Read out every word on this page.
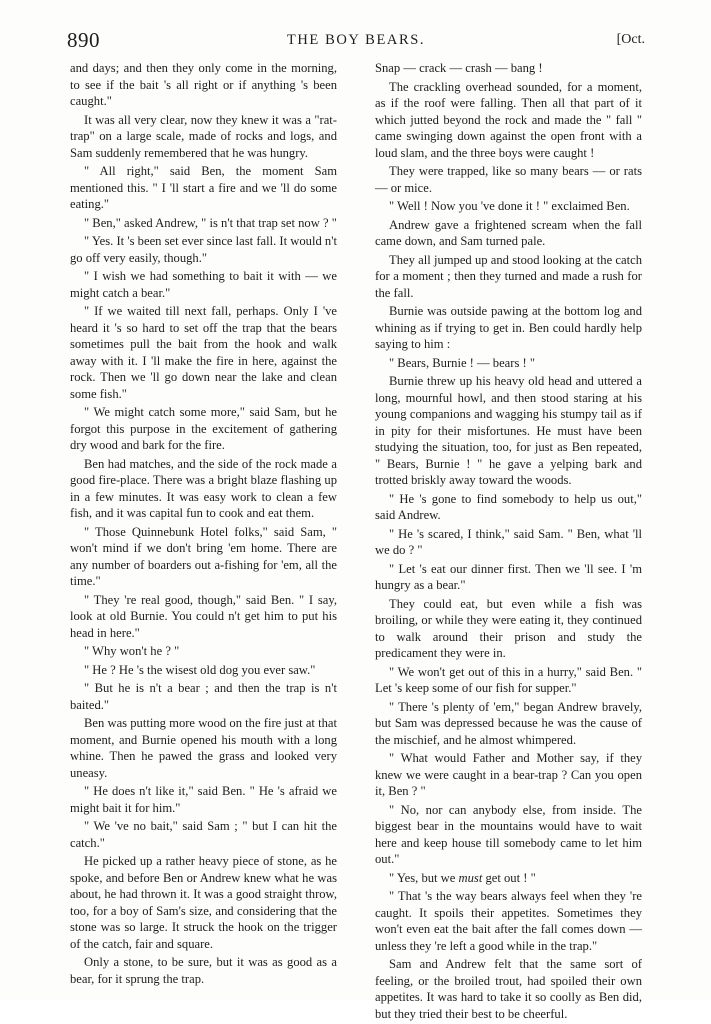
890	THE BOY BEARS.	[Oct.

and days; and then they only come in the morning, to see if the bait 's all right or if anything 's been caught."

It was all very clear, now they knew it was a "rat-trap" on a large scale, made of rocks and logs, and Sam suddenly remembered that he was hungry.

" All right," said Ben, the moment Sam mentioned this. " I 'll start a fire and we 'll do some eating."

" Ben," asked Andrew, " is n't that trap set now ? "

" Yes. It 's been set ever since last fall. It would n't go off very easily, though."

" I wish we had something to bait it with — we might catch a bear."

" If we waited till next fall, perhaps. Only I 've heard it 's so hard to set off the trap that the bears sometimes pull the bait from the hook and walk away with it. I 'll make the fire in here, against the rock. Then we 'll go down near the lake and clean some fish."

" We might catch some more," said Sam, but he forgot this purpose in the excitement of gathering dry wood and bark for the fire.

Ben had matches, and the side of the rock made a good fire-place. There was a bright blaze flashing up in a few minutes. It was easy work to clean a few fish, and it was capital fun to cook and eat them.

" Those Quinnebunk Hotel folks," said Sam, " won't mind if we don't bring 'em home. There are any number of boarders out a-fishing for 'em, all the time."

" They 're real good, though," said Ben. " I say, look at old Burnie. You could n't get him to put his head in here."

" Why won't he ? "

" He ? He 's the wisest old dog you ever saw."

" But he is n't a bear ; and then the trap is n't baited."

Ben was putting more wood on the fire just at that moment, and Burnie opened his mouth with a long whine. Then he pawed the grass and looked very uneasy.

" He does n't like it," said Ben. " He 's afraid we might bait it for him."

" We 've no bait," said Sam ; " but I can hit the catch."

He picked up a rather heavy piece of stone, as he spoke, and before Ben or Andrew knew what he was about, he had thrown it. It was a good straight throw, too, for a boy of Sam's size, and considering that the stone was so large. It struck the hook on the trigger of the catch, fair and square.

Only a stone, to be sure, but it was as good as a bear, for it sprung the trap.

Snap — crack — crash — bang !

The crackling overhead sounded, for a moment, as if the roof were falling. Then all that part of it which jutted beyond the rock and made the " fall " came swinging down against the open front with a loud slam, and the three boys were caught !

They were trapped, like so many bears — or rats — or mice.

" Well ! Now you 've done it ! " exclaimed Ben.

Andrew gave a frightened scream when the fall came down, and Sam turned pale.

They all jumped up and stood looking at the catch for a moment ; then they turned and made a rush for the fall.

Burnie was outside pawing at the bottom log and whining as if trying to get in. Ben could hardly help saying to him :

" Bears, Burnie ! — bears ! "

Burnie threw up his heavy old head and uttered a long, mournful howl, and then stood staring at his young companions and wagging his stumpy tail as if in pity for their misfortunes. He must have been studying the situation, too, for just as Ben repeated, " Bears, Burnie ! " he gave a yelping bark and trotted briskly away toward the woods.

" He 's gone to find somebody to help us out," said Andrew.

" He 's scared, I think," said Sam. " Ben, what 'll we do ? "

" Let 's eat our dinner first. Then we 'll see. I 'm hungry as a bear."

They could eat, but even while a fish was broiling, or while they were eating it, they continued to walk around their prison and study the predicament they were in.

" We won't get out of this in a hurry," said Ben. " Let 's keep some of our fish for supper."

" There 's plenty of 'em," began Andrew bravely, but Sam was depressed because he was the cause of the mischief, and he almost whimpered.

" What would Father and Mother say, if they knew we were caught in a bear-trap ? Can you open it, Ben ? "

" No, nor can anybody else, from inside. The biggest bear in the mountains would have to wait here and keep house till somebody came to let him out."

" Yes, but we must get out ! "

" That 's the way bears always feel when they 're caught. It spoils their appetites. Sometimes they won't even eat the bait after the fall comes down — unless they 're left a good while in the trap."

Sam and Andrew felt that the same sort of feeling, or the broiled trout, had spoiled their own appetites. It was hard to take it so coolly as Ben did, but they tried their best to be cheerful.
